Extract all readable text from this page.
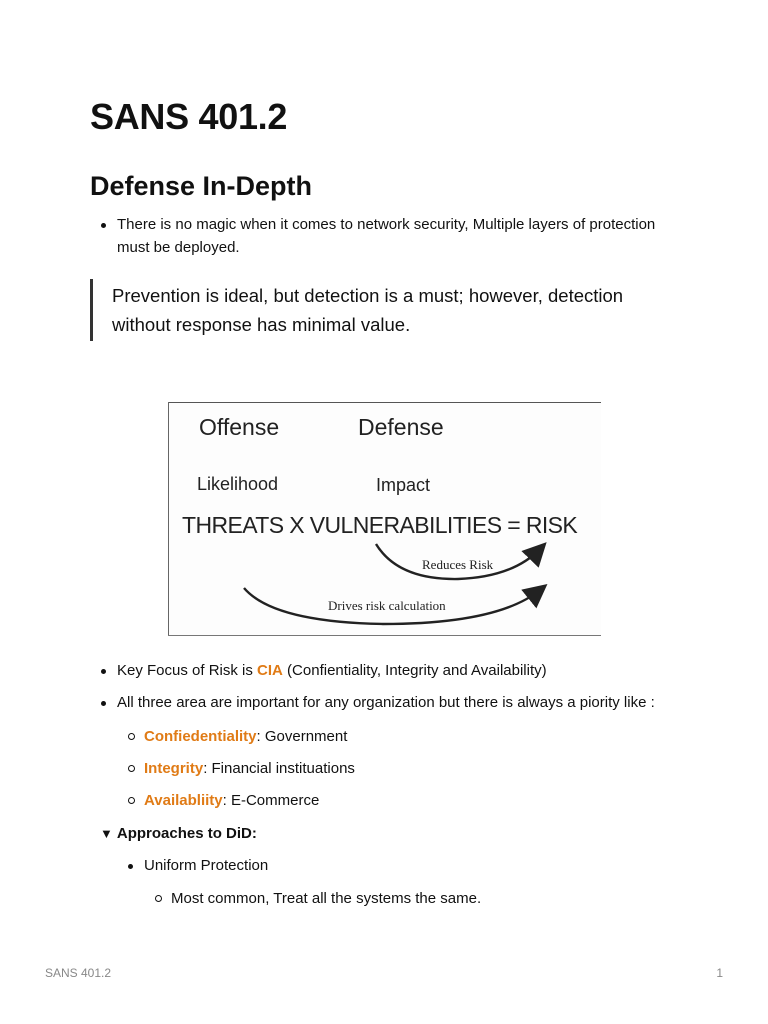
SANS 401.2
Defense In-Depth
There is no magic when it comes to network security, Multiple layers of protection must be deployed.
Prevention is ideal, but detection is a must; however, detection without response has minimal value.
Offense	Defense
Likelihood	Impact
THREATS X VULNERABILITIES = RISK
Reduces Risk
Drives risk calculation
Key Focus of Risk is CIA (Confientiality, Integrity and Availability)
All three area are important for any organization but there is always a piority like :
Confiedentiality: Government
Integrity: Financial instituations
Availabliity: E-Commerce
▼ Approaches to DiD:
Uniform Protection
Most common, Treat all the systems the same.
SANS 401.2	1
